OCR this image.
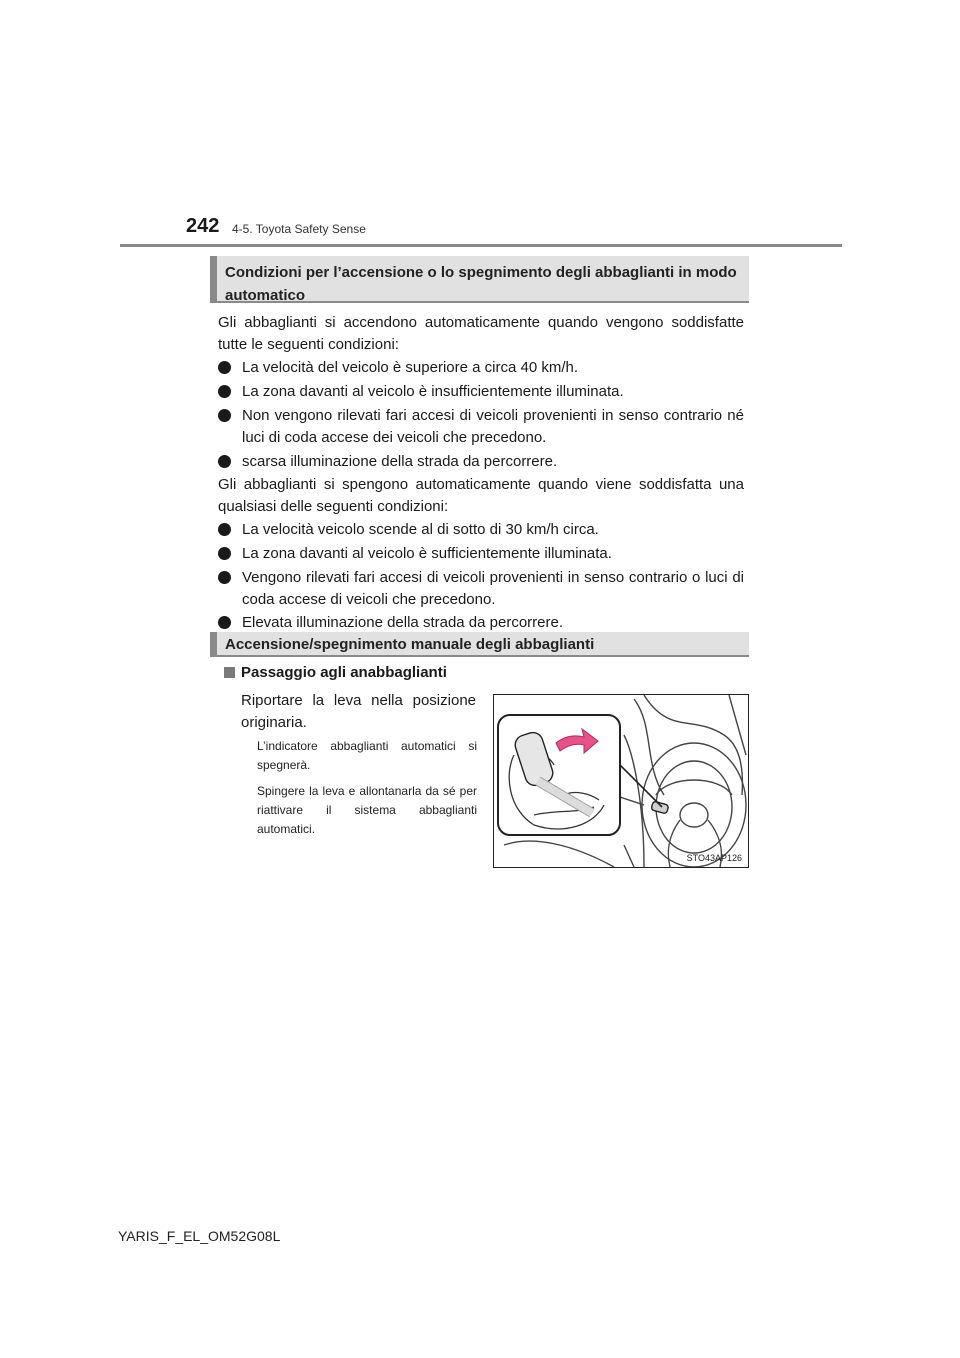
242 4-5. Toyota Safety Sense
Condizioni per l’accensione o lo spegnimento degli abbaglianti in modo automatico
Gli abbaglianti si accendono automaticamente quando vengono soddisfatte tutte le seguenti condizioni:
La velocità del veicolo è superiore a circa 40 km/h.
La zona davanti al veicolo è insufficientemente illuminata.
Non vengono rilevati fari accesi di veicoli provenienti in senso contrario né luci di coda accese dei veicoli che precedono.
scarsa illuminazione della strada da percorrere.
Gli abbaglianti si spengono automaticamente quando viene soddisfatta una qualsiasi delle seguenti condizioni:
La velocità veicolo scende al di sotto di 30 km/h circa.
La zona davanti al veicolo è sufficientemente illuminata.
Vengono rilevati fari accesi di veicoli provenienti in senso contrario o luci di coda accese di veicoli che precedono.
Elevata illuminazione della strada da percorrere.
Accensione/spegnimento manuale degli abbaglianti
Passaggio agli anabbaglianti
Riportare la leva nella posizione originaria.
L’indicatore abbaglianti automatici si spegnerà.
Spingere la leva e allontanarla da sé per riattivare il sistema abbaglianti automatici.
STO43AP126
YARIS_F_EL_OM52G08L
